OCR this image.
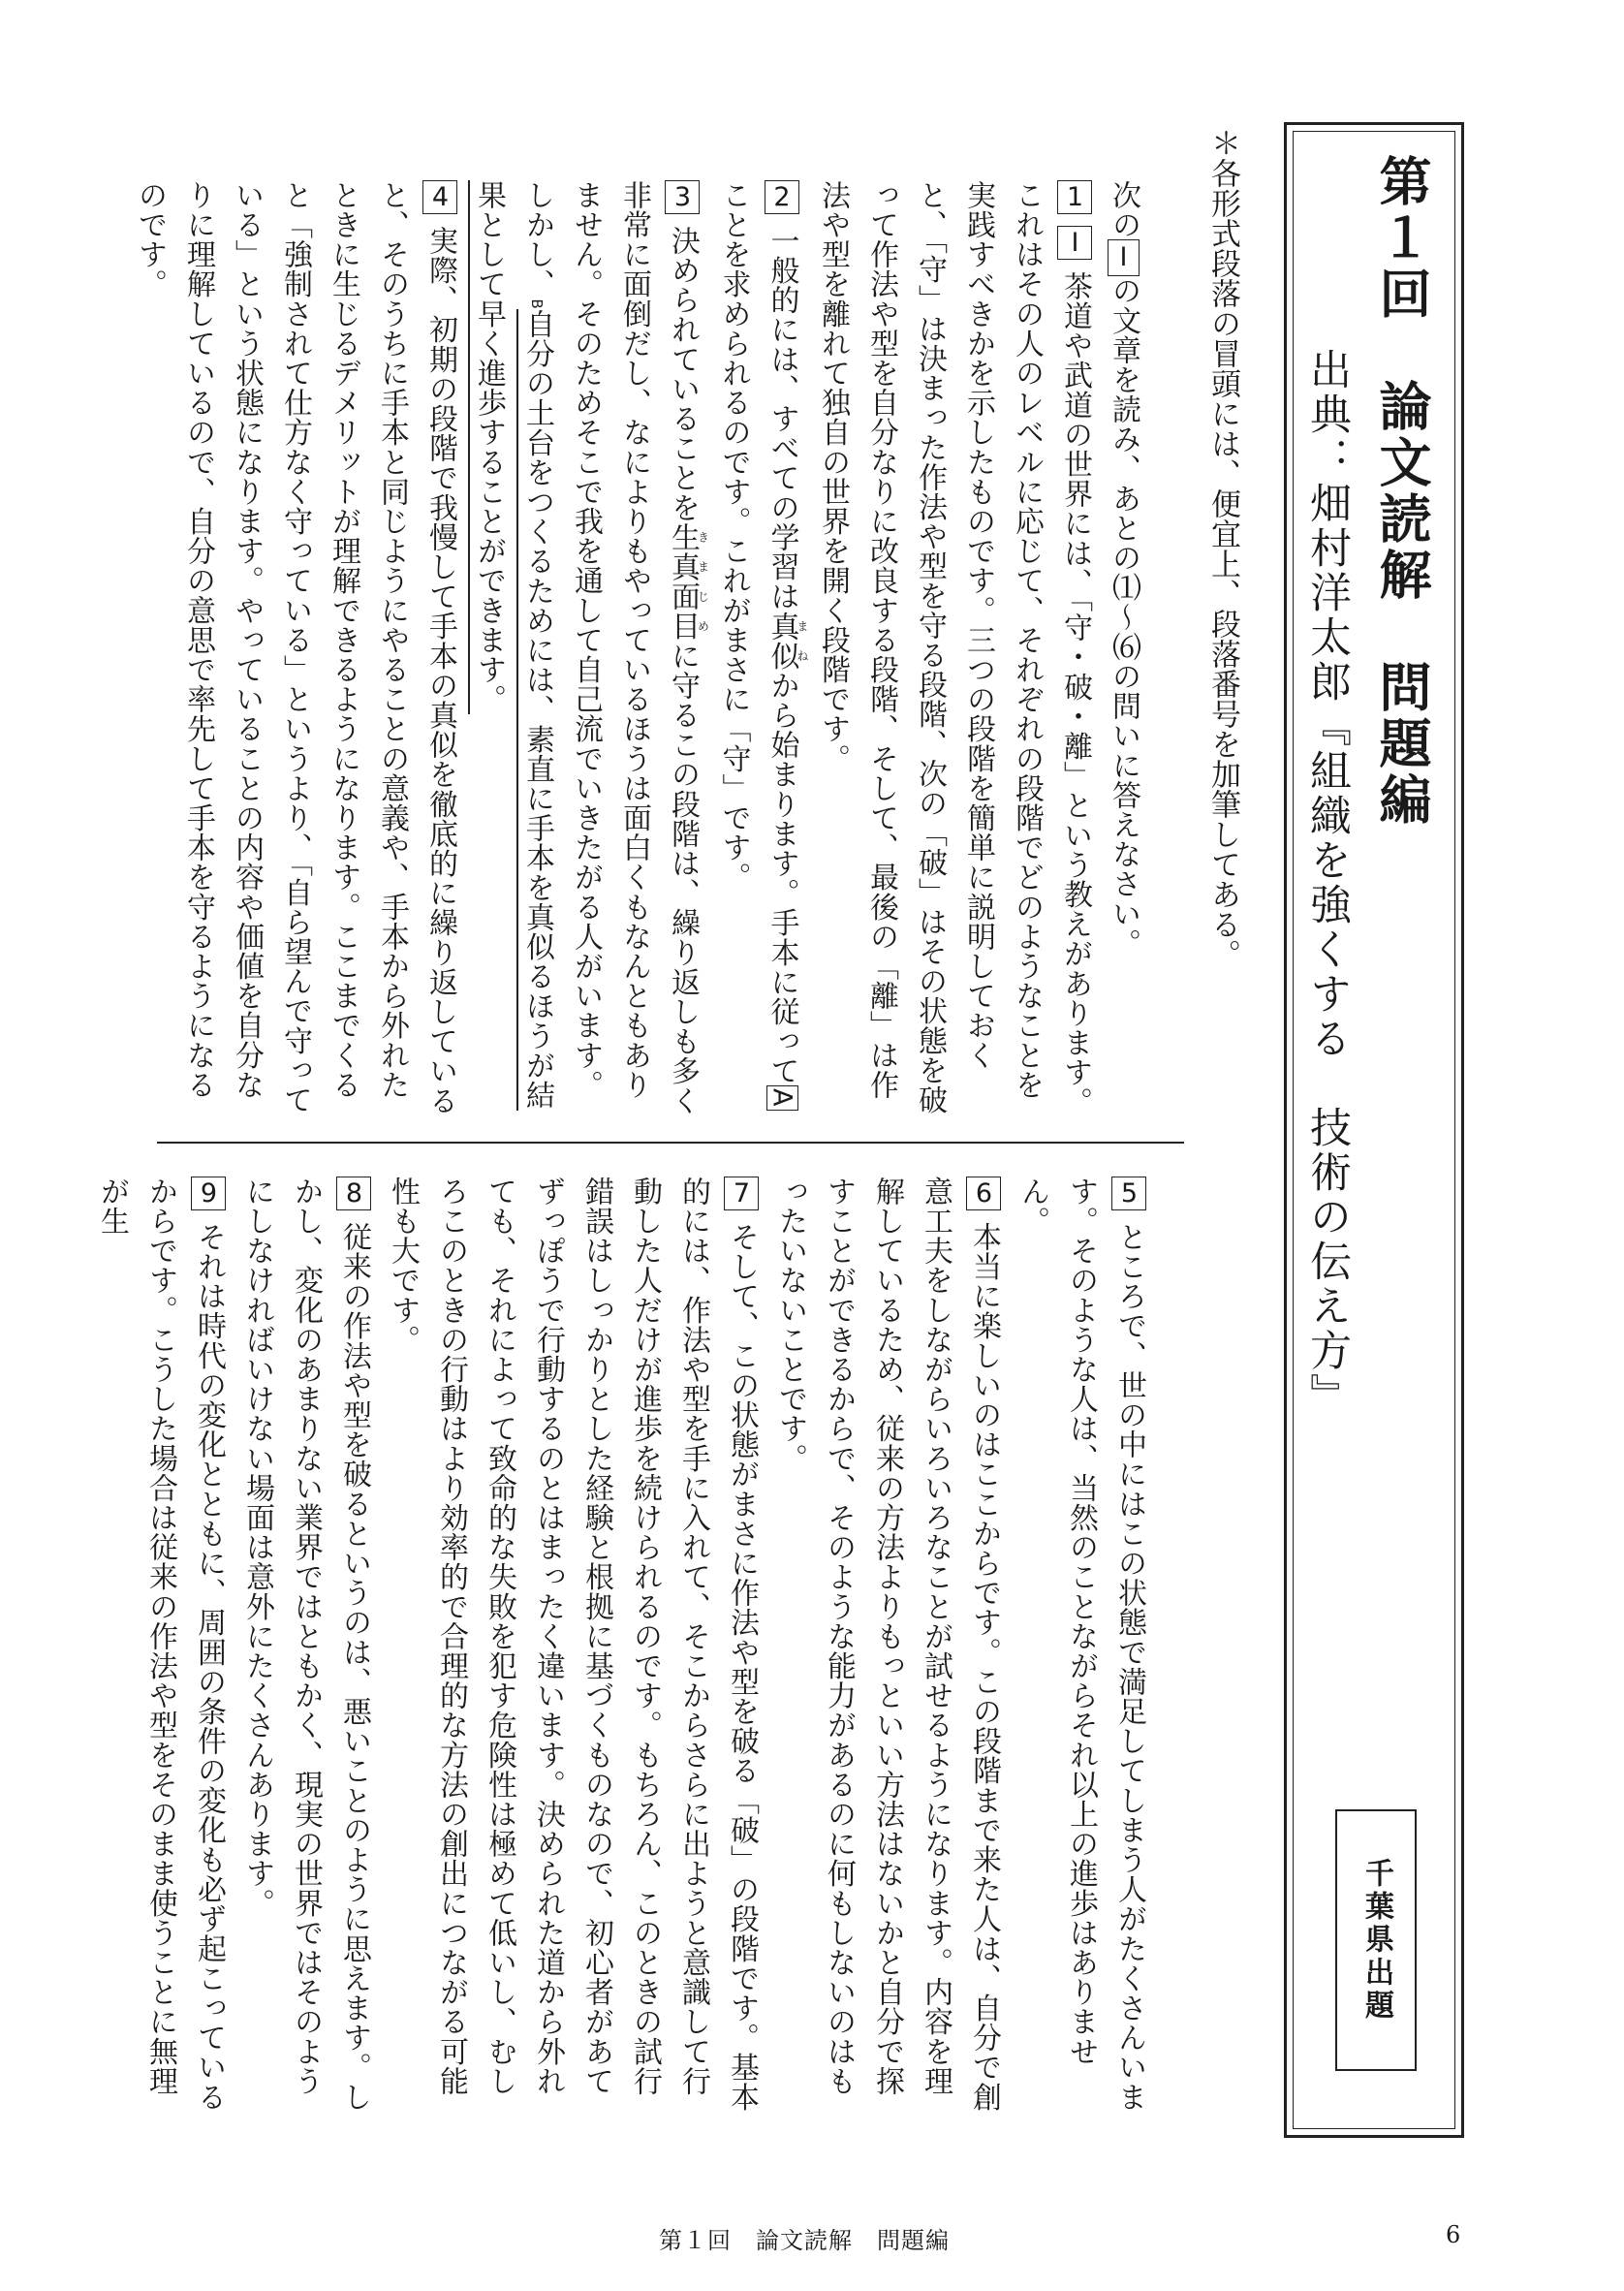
第１回　論文読解　問題編
出典：畑村洋太郎『組織を強くする　技術の伝え方』
千葉県出題
＊各形式段落の冒頭には、便宜上、段落番号を加筆してある。

次のⅠの文章を読み、あとの⑴～⑹の問いに答えなさい。

1Ⅰ茶道や武道の世界には、「守・破・離」という教えがあります。これはその人のレベルに応じて、それぞれの段階でどのようなことを実践すべきかを示したものです。三つの段階を簡単に説明しておくと、「守」は決まった作法や型を守る段階、次の「破」はその状態を破って作法や型を自分なりに改良する段階、そして、最後の「離」は作法や型を離れて独自の世界を開く段階です。

2一般的には、すべての学習は真似まねから始まります。手本に従ってAことを求められるのです。これがまさに「守」です。

3決められていることを生真面目きまじめに守るこの段階は、繰り返しも多く非常に面倒だし、なによりもやっているほうは面白くもなんともありません。そのためそこで我を通して自己流でいきたがる人がいます。しかし、B自分の土台をつくるためには、素直に手本を真似るほうが結果として早く進歩することができます。

4実際、初期の段階で我慢して手本の真似を徹底的に繰り返していると、そのうちに手本と同じようにやることの意義や、手本から外れたときに生じるデメリットが理解できるようになります。ここまでくると「強制されて仕方なく守っている」というより、「自ら望んで守っている」という状態になります。やっていることの内容や価値を自分なりに理解しているので、自分の意思で率先して手本を守るようになるのです。

5ところで、世の中にはこの状態で満足してしまう人がたくさんいます。そのような人は、当然のことながらそれ以上の進歩はありません。

6本当に楽しいのはここからです。この段階まで来た人は、自分で創意工夫をしながらいろいろなことが試せるようになります。内容を理解しているため、従来の方法よりもっといい方法はないかと自分で探すことができるからで、そのような能力があるのに何もしないのはもったいないことです。

7そして、この状態がまさに作法や型を破る「破」の段階です。基本的には、作法や型を手に入れて、そこからさらに出ようと意識して行動した人だけが進歩を続けられるのです。もちろん、このときの試行錯誤はしっかりとした経験と根拠に基づくものなので、初心者があてずっぽうで行動するのとはまったく違います。決められた道から外れても、それによって致命的な失敗を犯す危険性は極めて低いし、むしろこのときの行動はより効率的で合理的な方法の創出につながる可能性も大です。

8従来の作法や型を破るというのは、悪いことのように思えます。しかし、変化のあまりない業界ではともかく、現実の世界ではそのようにしなければいけない場面は意外にたくさんあります。

9それは時代の変化とともに、周囲の条件の変化も必ず起こっているからです。こうした場合は従来の作法や型をそのまま使うことに無理が生

第１回　論文読解　問題編	6
